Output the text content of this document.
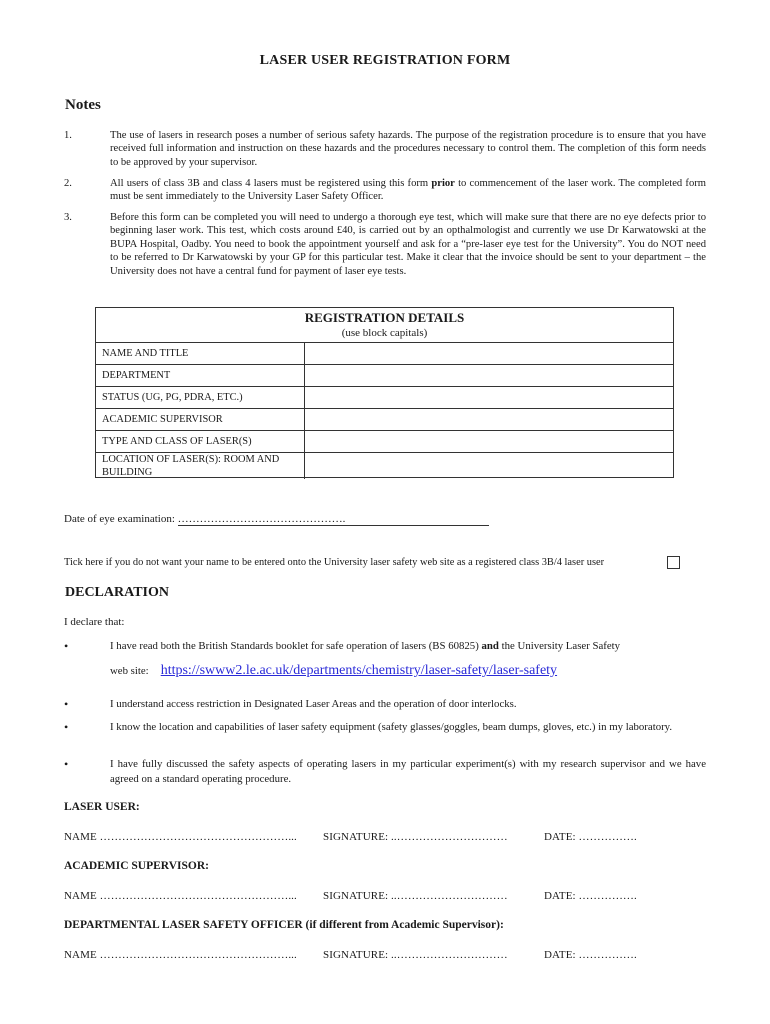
LASER USER REGISTRATION FORM
Notes
1.	The use of lasers in research poses a number of serious safety hazards. The purpose of the registration procedure is to ensure that you have received full information and instruction on these hazards and the procedures necessary to control them. The completion of this form needs to be approved by your supervisor.
2.	All users of class 3B and class 4 lasers must be registered using this form prior to commencement of the laser work. The completed form must be sent immediately to the University Laser Safety Officer.
3.	Before this form can be completed you will need to undergo a thorough eye test, which will make sure that there are no eye defects prior to beginning laser work. This test, which costs around £40, is carried out by an opthalmologist and currently we use Dr Karwatowski at the BUPA Hospital, Oadby. You need to book the appointment yourself and ask for a “pre-laser eye test for the University”. You do NOT need to be referred to Dr Karwatowski by your GP for this particular test. Make it clear that the invoice should be sent to your department – the University does not have a central fund for payment of laser eye tests.
REGISTRATION DETAILS
(use block capitals)
NAME AND TITLE	
DEPARTMENT	
STATUS (UG, PG, PDRA, ETC.)	
ACADEMIC SUPERVISOR	
TYPE AND CLASS OF LASER(S)	
LOCATION OF LASER(S): ROOM AND BUILDING	
Date of eye examination: ……………………………………….
Tick here if you do not want your name to be entered onto the University laser safety web site as a registered class 3B/4 laser user
DECLARATION
I declare that:
•	I have read both the British Standards booklet for safe operation of lasers (BS 60825) and the University Laser Safety
web site: https://swww2.le.ac.uk/departments/chemistry/laser-safety/laser-safety
•	I understand access restriction in Designated Laser Areas and the operation of door interlocks.
•	I know the location and capabilities of laser safety equipment (safety glasses/goggles, beam dumps, gloves, etc.) in my laboratory.
•	I have fully discussed the safety aspects of operating lasers in my particular experiment(s) with my research supervisor and we have agreed on a standard operating procedure.
LASER USER:
NAME ……………………………………………... SIGNATURE: ..…………………………	DATE: …………….
ACADEMIC SUPERVISOR:
NAME ……………………………………………... SIGNATURE: ..…………………………	DATE: …………….
DEPARTMENTAL LASER SAFETY OFFICER (if different from Academic Supervisor):
NAME ……………………………………………... SIGNATURE: ..…………………………	DATE: …………….
